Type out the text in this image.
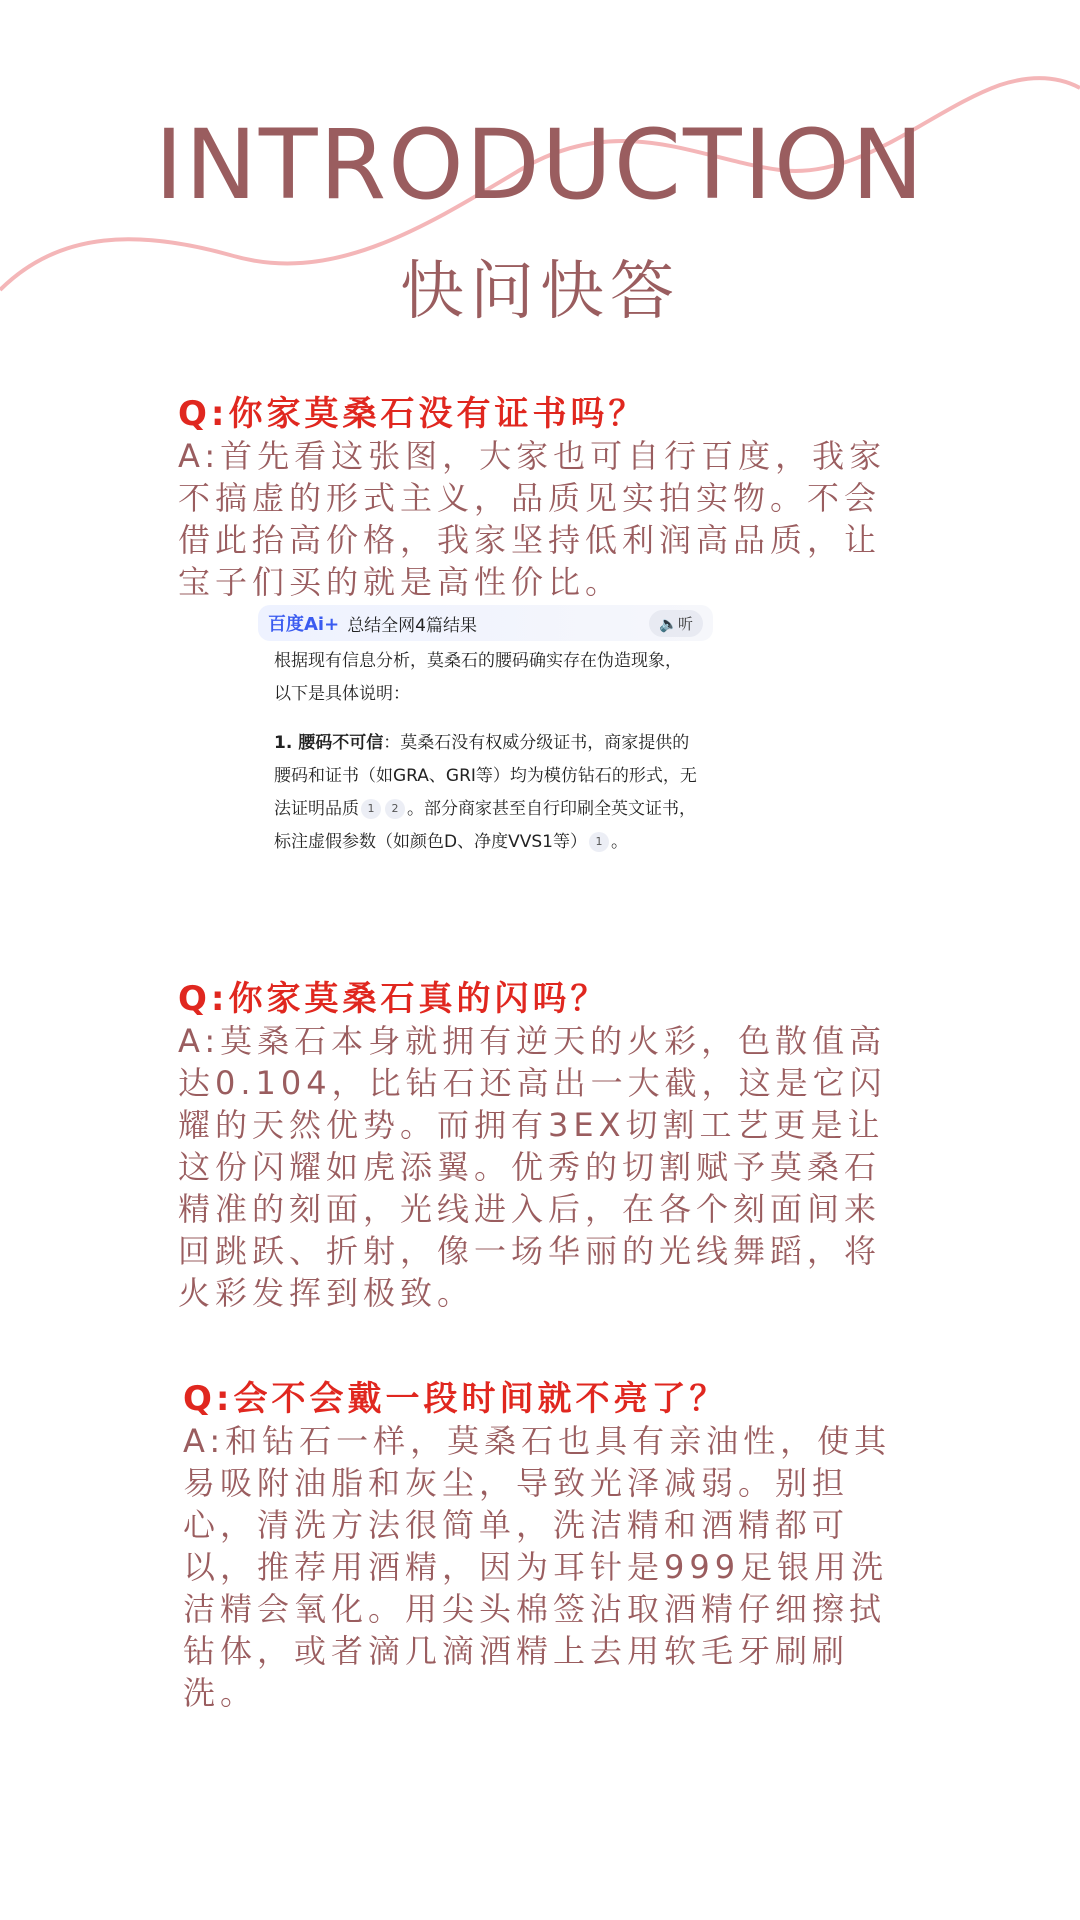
INTRODUCTION
快问快答
Q:你家莫桑石没有证书吗？
A:首先看这张图，大家也可自行百度，我家不搞虚的形式主义，品质见实拍实物。不会借此抬高价格，我家坚持低利润高品质，让宝子们买的就是高性价比。
百度Ai+ 总结全网4篇结果	🔈听

根据现有信息分析，莫桑石的腰码确实存在伪造现象，以下是具体说明：

1. 腰码不可信：莫桑石没有权威分级证书，商家提供的腰码和证书（如GRA、GRI等）均为模仿钻石的形式，无法证明品质 1 2 。部分商家甚至自行印刷全英文证书，标注虚假参数（如颜色D、净度VVS1等） 1 。

Q:你家莫桑石真的闪吗？
A:莫桑石本身就拥有逆天的火彩，色散值高达0.104，比钻石还高出一大截，这是它闪耀的天然优势。而拥有3EX切割工艺更是让这份闪耀如虎添翼。优秀的切割赋予莫桑石精准的刻面，光线进入后，在各个刻面间来回跳跃、折射，像一场华丽的光线舞蹈，将火彩发挥到极致。
Q:会不会戴一段时间就不亮了？
A:和钻石一样，莫桑石也具有亲油性，使其易吸附油脂和灰尘，导致光泽减弱。别担心，清洗方法很简单，洗洁精和酒精都可以，推荐用酒精，因为耳针是999足银用洗洁精会氧化。用尖头棉签沾取酒精仔细擦拭钻体，或者滴几滴酒精上去用软毛牙刷刷洗。
